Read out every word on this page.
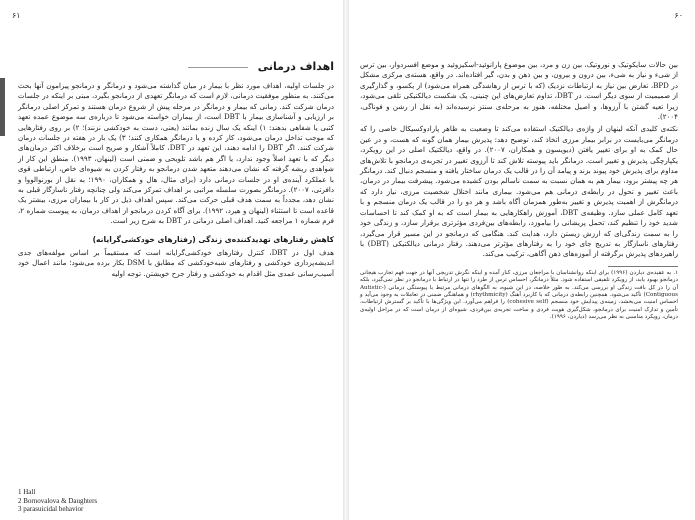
۶۱	۶۰
اهداف درمانی

در جلسات اولیه، اهداف مورد نظر با بیمار در میان گذاشته می‌شود و درمانگر و درمانجو پیرامون آنها بحث می‌کنند. به منظور موفقیت درمانی، لازم است که درمانگر تعهدی از درمانجو بگیرد، مبنی بر اینکه در جلسات درمان شرکت کند. زمانی که بیمار و درمانگر در مرحله پیش از شروع درمان هستند و تمرکز اصلی درمانگر بر ارزیابی و آشناسازی بیمار با DBT است، از بیماران خواسته می‌شود تا درباره‌ی سه موضوع عمده تعهد کتبی یا شفاهی بدهند: ۱) اینکه یک سال زنده بمانند (یعنی، دست به خودکشی نزنند)؛ ۲) بر روی رفتارهایی که موجب تداخل درمان می‌شود، کار کرده و یا درمانگر همکاری کنند؛ ۳) یک بار در هفته در جلسات درمان شرکت کنند. اگر DBT را ادامه دهند، این تعهد در DBT، کاملاً آشکار و صریح است برخلاف اکثر درمان‌های دیگر که با تعهد اصلاً وجود ندارد، یا اگر هم باشد تلویحی و ضمنی است (لینهان، ۱۹۹۳). منطق این کار از شواهدی ریشه گرفته که نشان می‌دهند متعهد شدن درمانجو به رفتار کردن به شیوه‌ای خاص، ارتباطی قوی با عملکرد آینده‌ی او در جلسات درمانی دارد (برای مثال، هال و همکاران، ۱۹۹۰؛ به نقل از بورنوالووا و دافرتی، ۲۰۰۷). درمانگر بصورت سلسله مراتبی بر اهداف تمرکز می‌کند ولی چنانچه رفتار ناسازگار قبلی به نشان دهد، مجدداً به سمت هدف قبلی حرکت می‌کند. سپس اهداف ذیل در کار با بیماران مرزی، بیشتر یک قاعده است تا استثناء (لینهان و هیرد، ۱۹۹۲). برای آگاه کردن درمانجو از اهداف درمان، به پیوست شماره ۲، فرم شماره ۱ مراجعه کنید. اهداف اصلی درمانی در DBT به شرح زیر است.

کاهش رفتارهای تهدیدکننده‌ی زندگی (رفتارهای خودکشی‌گرایانه)

هدف اول در DBT، کنترل رفتارهای خودکشی‌گرایانه است که مستقیماً بر اساس مولفه‌های جدی اندیشه‌پردازی خودکشی و رفتارهای شبه‌خودکشی که مطابق با DSM بکار برده می‌شود؛ مانند اعمال خود آسیب‌رسانی عمدی مثل اقدام به خودکشی و رفتار جرح خویشتن. توجه اولیه

1 Hall
2 Bornovalova & Daughters
3 parasuicidal behavior

بین حالات سایکوتیک و نوروتیک، بین زن و مرد، بین موضوع پارانوئید-اسکیزوئید و موضع افسردوار، بین ترس از شیء و نیاز به شیء، بین درون و بیرون، و بین ذهن و بدن، گیر افتاده‌اند. در واقع، هسته‌ی مرکزی مشکل در BPD، تعارض بین نیاز به ارتباطات نزدیک (که با ترس از رهاشدگی همراه می‌شود) از یکسو، و گذارگیری از صمیمیت از سوی دیگر است. در DBT، تداوم تعارض‌های این چنینی، یک شکست دیالکتیکی تلقی می‌شود، زیرا تعیه گشتن با آرزوها، و اصیل مختلفه، هنوز به مرحله‌ی سنتز نرسیده‌اند (به نقل از رشن و فوناگی، ۲۰۰۴).

نکته‌ی کلیدی آنکه لینهان از واژه‌ی دیالکتیک استفاده می‌کند تا وضعیت به ظاهر پارادوکسیکال خاصی را که درمانگر می‌بایست در برابر بیمار مرزی اتخاذ کند، توضیح دهد: پذیرش بیمار همان گونه که هست، و در عین حال کمک به او برای تغییر یافتن (دیویسون و همکاران، ۲۰۰۷). در واقع، دیالکتیک اصلی در این رویکرد، یکپارچگی پذیرش و تغییر است. درمانگر باید پیوسته تلاش کند تا آرزوی تغییر در تجربه‌ی درمانجو با تلاش‌های مداوم برای پذیرش خود پیوند بزند و پیامد آن را در قالب یک درمان ساختار یافته و منسجم دنبال کند. درمانگر هر چه پیشتر برود، بیمار هم به همان نسبت به سمت ناسالم بودن کشیده می‌شود. پیشرفت بیمار در درمان، باعث تغییر و تحول در رابطه‌ی درمانی هم می‌شود. بیماری مانند اختلال شخصیت مرزی، نیاز دارد که درمانگرش از اهمیت پذیرش و تغییر به‌طور همزمان آگاه باشد و هر دو را در قالب یک درمان منسجم و با تعهد کامل عملی سازد. وظیفه‌ی DBT، آموزش راهکارهایی به بیمار است که به او کمک کند تا احساسات شدید خود را تنظیم کند، تحمل پریشانی را بیاموزد، رابطه‌های بین‌فردی مؤثرتری برقرار سازد، و زندگی خود را به سمت زندگی‌ای که ارزش زیستن دارد، هدایت کند. هنگامی که درمانجو در این مسیر قرار می‌گیرد، رفتارهای ناسازگار به تدریج جای خود را به رفتارهای مؤثرتر می‌دهند. رفتار درمانی دیالکتیکی (DBT) با راهبردهای پذیرش برگرفته از آموزه‌های ذهن آگاهی، ترکیب می‌کند.

۱. به عقیده‌ی دیاردن (۱۹۹۶) برای اینکه روانشناسان با مراجعان مرزی، کنار آمده و اینکه نگرش تدریجی آنها در جهت فهم تجارب هیجانی درمانجو بهبود یابد، از رویکرد تلفیقی استفاده شود. مثلاً درمانگر، احساس ترس از طرد را تنها در ارتباط با درمانجو در نظر نمی‌گیرد، بلکه آن را در کل بافت زندگی او بررسی می‌کند. به طور خلاصه، در این شیوه، به الگوهای درمانی مرتبط با پیوستگی درمانی (Autistic-Contiguous) تأکید می‌شود. همچنین رابطه‌ی درمانی که با کاربرد آهنگ (rhythmicity) و هماهنگی ضمنی در تعاملات به وجود می‌آید و احساس امنیت می‌بخشد، زمینه‌ی پیدایش خود منسجم (cohesive self) را فراهم می‌آورد. این ویژگی‌ها با تأکید بر گسترش ارتباطات، تأمین و تدارک امنیت برای درمانجو، شکل‌گیری هویت فردی و ساخت تجربه‌ی بین‌فردی، شیوه‌ای از درمان است که در مراحل اولیه‌ی درمان، رویکرد مناسبی به نظر می‌رسد (دیاردن، ۱۹۹۶).
